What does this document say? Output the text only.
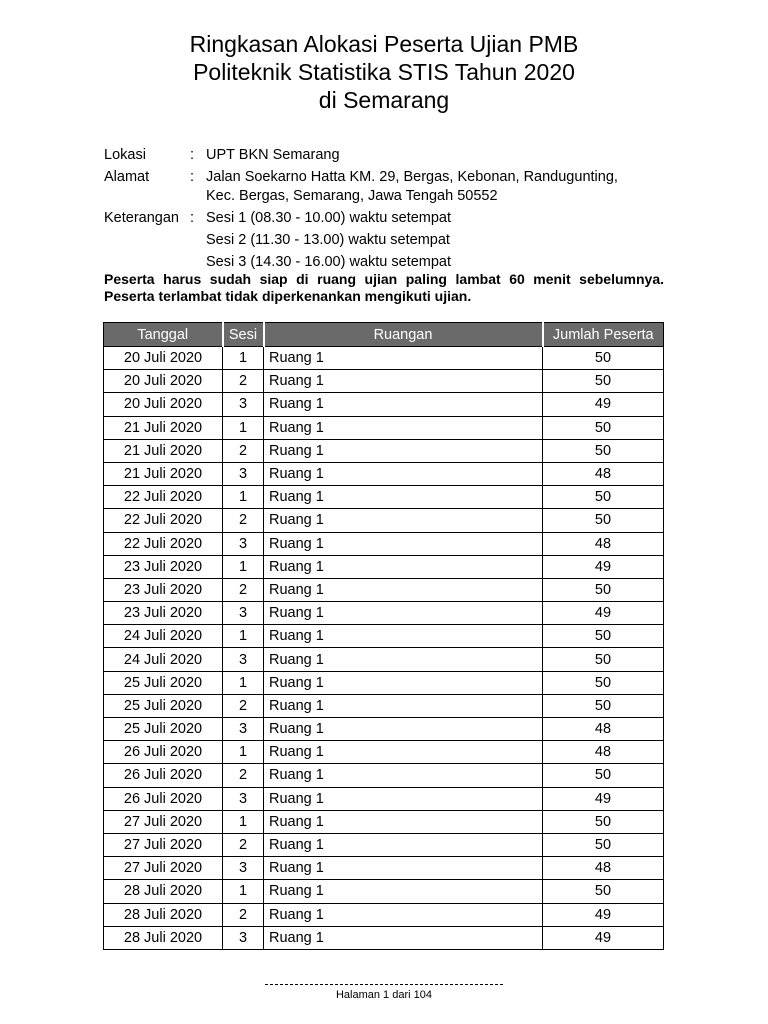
Ringkasan Alokasi Peserta Ujian PMB
Politeknik Statistika STIS Tahun 2020
di Semarang
Lokasi	: UPT BKN Semarang
Alamat	: Jalan Soekarno Hatta KM. 29, Bergas, Kebonan, Randugunting,
Kec. Bergas, Semarang, Jawa Tengah 50552
Keterangan : Sesi 1 (08.30 - 10.00) waktu setempat
Sesi 2 (11.30 - 13.00) waktu setempat
Sesi 3 (14.30 - 16.00) waktu setempat
Peserta harus sudah siap di ruang ujian paling lambat 60 menit sebelumnya.
Peserta terlambat tidak diperkenankan mengikuti ujian.
Tanggal	Sesi	Ruangan	Jumlah Peserta
20 Juli 2020	1	Ruang 1	50
20 Juli 2020	2	Ruang 1	50
20 Juli 2020	3	Ruang 1	49
21 Juli 2020	1	Ruang 1	50
21 Juli 2020	2	Ruang 1	50
21 Juli 2020	3	Ruang 1	48
22 Juli 2020	1	Ruang 1	50
22 Juli 2020	2	Ruang 1	50
22 Juli 2020	3	Ruang 1	48
23 Juli 2020	1	Ruang 1	49
23 Juli 2020	2	Ruang 1	50
23 Juli 2020	3	Ruang 1	49
24 Juli 2020	1	Ruang 1	50
24 Juli 2020	3	Ruang 1	50
25 Juli 2020	1	Ruang 1	50
25 Juli 2020	2	Ruang 1	50
25 Juli 2020	3	Ruang 1	48
26 Juli 2020	1	Ruang 1	48
26 Juli 2020	2	Ruang 1	50
26 Juli 2020	3	Ruang 1	49
27 Juli 2020	1	Ruang 1	50
27 Juli 2020	2	Ruang 1	50
27 Juli 2020	3	Ruang 1	48
28 Juli 2020	1	Ruang 1	50
28 Juli 2020	2	Ruang 1	49
28 Juli 2020	3	Ruang 1	49
Halaman 1 dari 104
